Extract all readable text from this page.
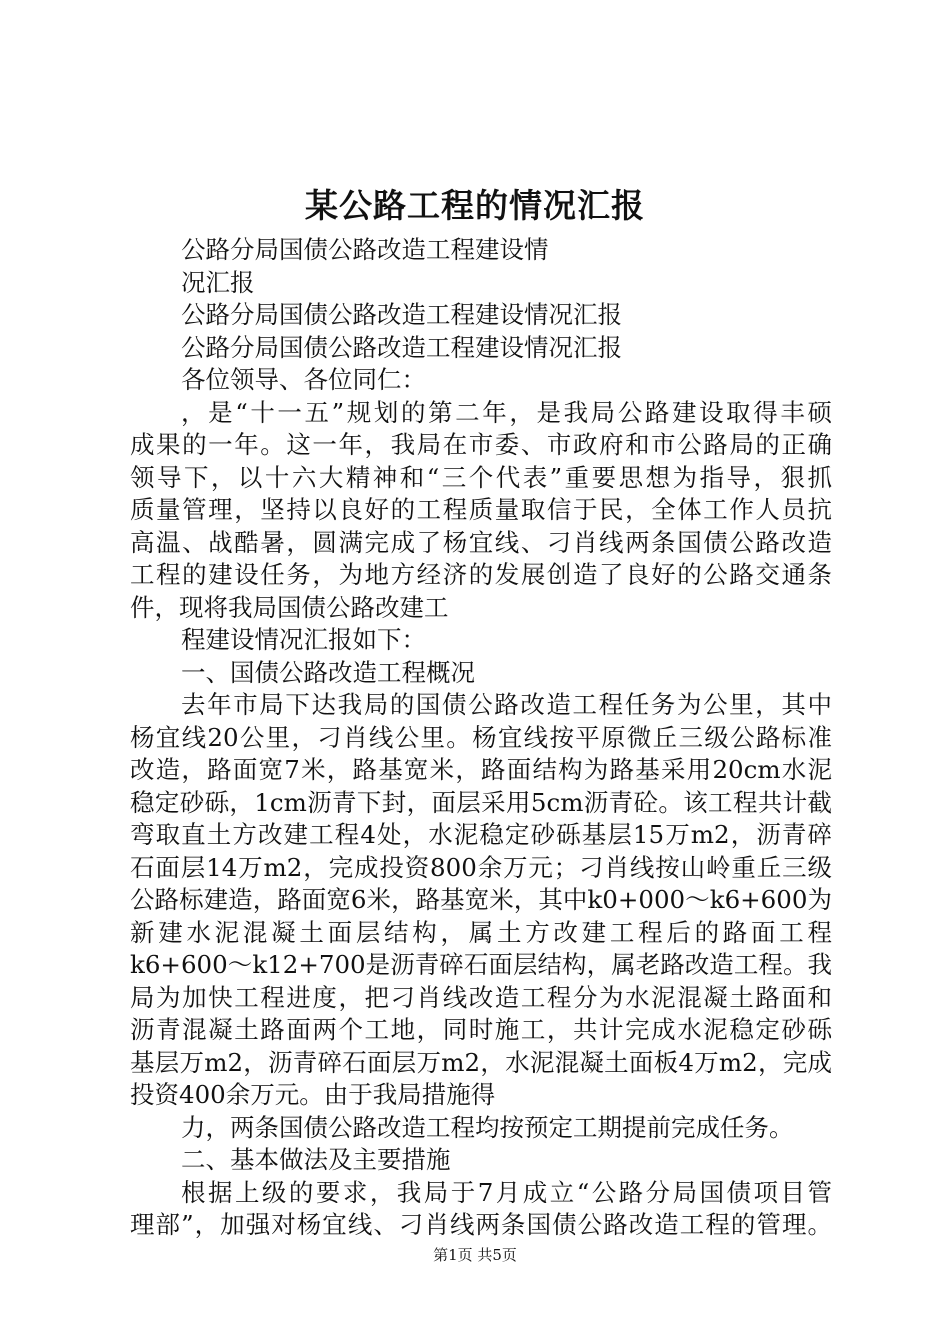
某公路工程的情况汇报
公路分局国债公路改造工程建设情
况汇报
公路分局国债公路改造工程建设情况汇报
公路分局国债公路改造工程建设情况汇报
各位领导、各位同仁：
，是“十一五”规划的第二年，是我局公路建设取得丰硕
成果的一年。这一年，我局在市委、市政府和市公路局的正确
领导下，以十六大精神和“三个代表”重要思想为指导，狠抓
质量管理，坚持以良好的工程质量取信于民，全体工作人员抗
高温、战酷暑，圆满完成了杨宜线、刁肖线两条国债公路改造
工程的建设任务，为地方经济的发展创造了良好的公路交通条
件，现将我局国债公路改建工
程建设情况汇报如下：
一、国债公路改造工程概况
去年市局下达我局的国债公路改造工程任务为公里，其中
杨宜线20公里，刁肖线公里。杨宜线按平原微丘三级公路标准
改造，路面宽7米，路基宽米，路面结构为路基采用20cm水泥
稳定砂砾，1cm沥青下封，面层采用5cm沥青砼。该工程共计截
弯取直土方改建工程4处，水泥稳定砂砾基层15万m2，沥青碎
石面层14万m2，完成投资800余万元；刁肖线按山岭重丘三级
公路标建造，路面宽6米，路基宽米，其中k0+000～k6+600为
新建水泥混凝土面层结构，属土方改建工程后的路面工程
k6+600～k12+700是沥青碎石面层结构，属老路改造工程。我
局为加快工程进度，把刁肖线改造工程分为水泥混凝土路面和
沥青混凝土路面两个工地，同时施工，共计完成水泥稳定砂砾
基层万m2，沥青碎石面层万m2，水泥混凝土面板4万m2，完成
投资400余万元。由于我局措施得
力，两条国债公路改造工程均按预定工期提前完成任务。
二、基本做法及主要措施
根据上级的要求，我局于7月成立“公路分局国债项目管
理部”，加强对杨宜线、刁肖线两条国债公路改造工程的管理。
第1页 共5页
